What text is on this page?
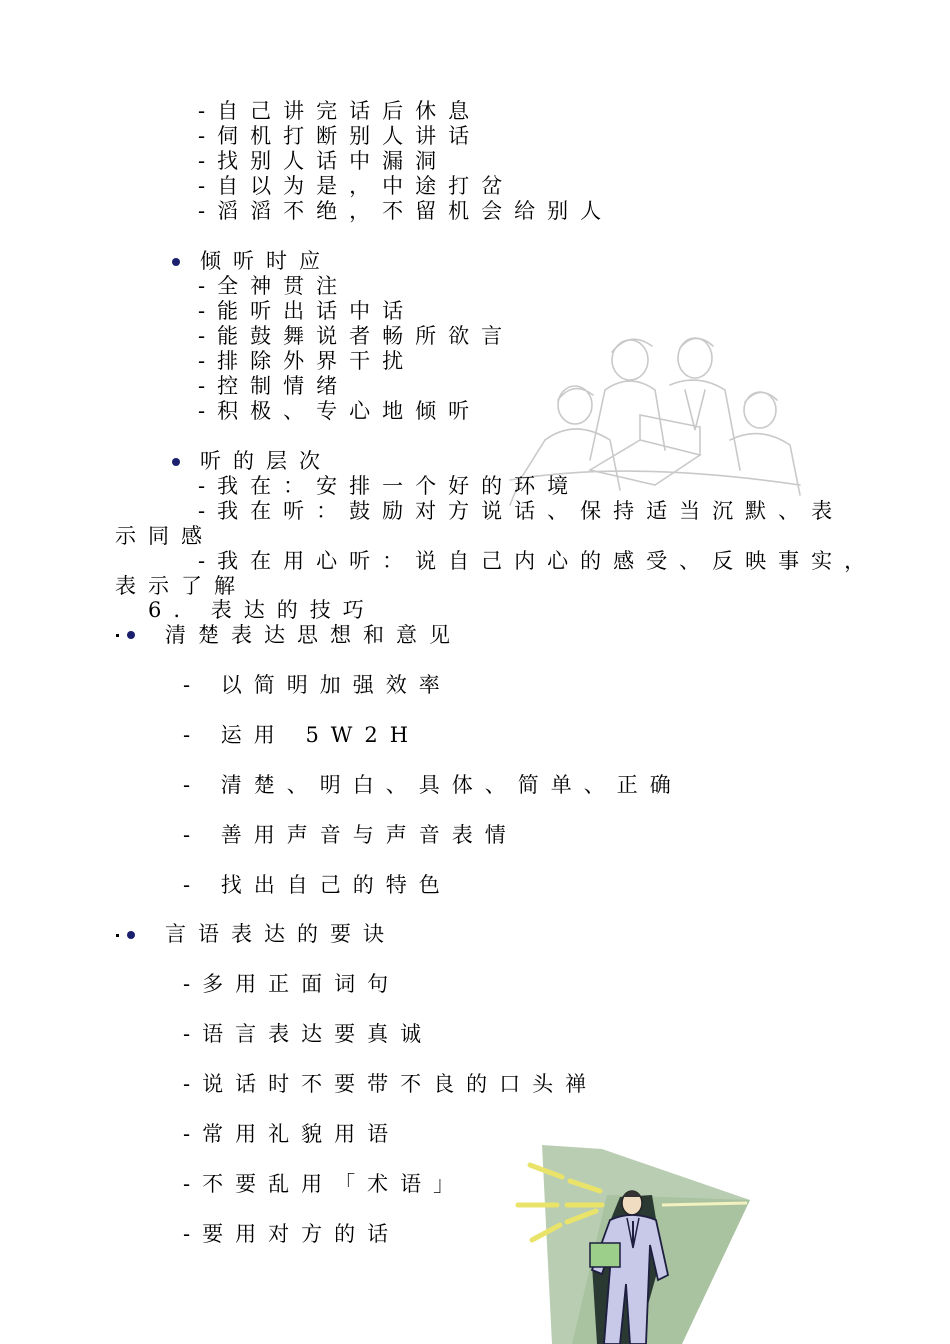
-自己讲完话后休息
-伺机打断别人讲话
-找别人话中漏洞
-自以为是，中途打岔
-滔滔不绝，不留机会给别人
倾听时应
-全神贯注
-能听出话中话
-能鼓舞说者畅所欲言
-排除外界干扰
-控制情绪
-积极、专心地倾听
听的层次
-我在：安排一个好的环境
-我在听：鼓励对方说话、保持适当沉默、表
示同感
-我在用心听：说自己内心的感受、反映事实，
表示了解
6. 表达的技巧
清楚表达思想和意见
- 以简明加强效率
- 运用 5W2H
- 清楚、明白、具体、简单、正确
- 善用声音与声音表情
- 找出自己的特色
言语表达的要诀
-多用正面词句
-语言表达要真诚
-说话时不要带不良的口头禅
-常用礼貌用语
-不要乱用「术语」
-要用对方的话
